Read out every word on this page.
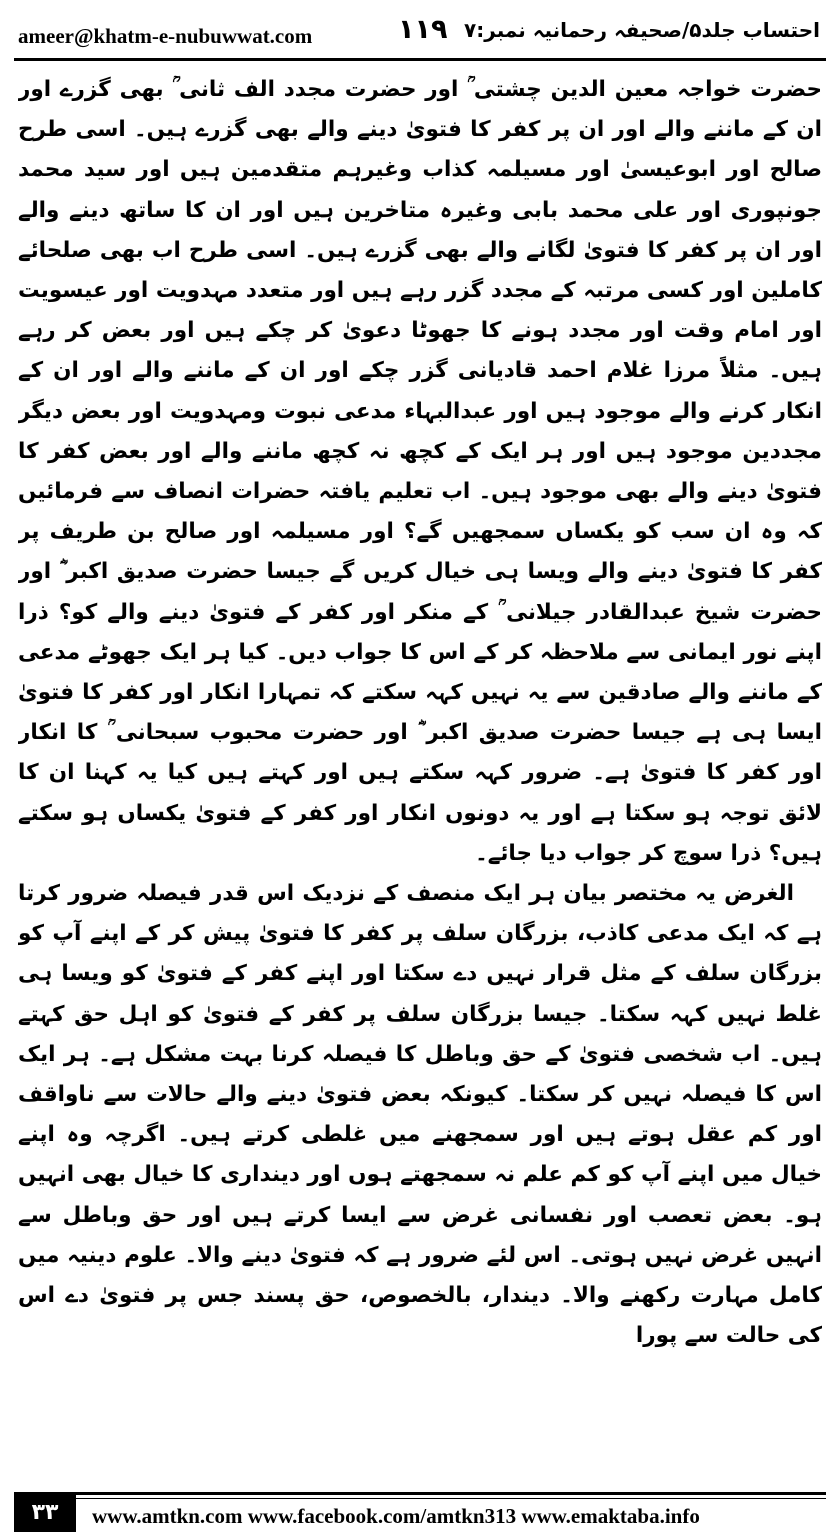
ameer@khatm-e-nubuwwat.com	۱۱۹ احتساب جلد۵/صحیفہ رحمانیہ نمبر:۷

حضرت خواجہ معین الدین چشتی ؒ اور حضرت مجدد الف ثانی ؒ بھی گزرے اور ان کے ماننے والے اور ان پر کفر کا فتویٰ دینے والے بھی گزرے ہیں۔ اسی طرح صالح اور ابوعیسیٰ اور مسیلمہ کذاب وغیرہم متقدمین ہیں اور سید محمد جونپوری اور علی محمد بابی وغیرہ متاخرین ہیں اور ان کا ساتھ دینے والے اور ان پر کفر کا فتویٰ لگانے والے بھی گزرے ہیں۔ اسی طرح اب بھی صلحائے کاملین اور کسی مرتبہ کے مجدد گزر رہے ہیں اور متعدد مہدویت اور عیسویت اور امام وقت اور مجدد ہونے کا جھوٹا دعویٰ کر چکے ہیں اور بعض کر رہے ہیں۔ مثلاً مرزا غلام احمد قادیانی گزر چکے اور ان کے ماننے والے اور ان کے انکار کرنے والے موجود ہیں اور عبدالبہاء مدعی نبوت ومہدویت اور بعض دیگر مجددین موجود ہیں اور ہر ایک کے کچھ نہ کچھ ماننے والے اور بعض کفر کا فتویٰ دینے والے بھی موجود ہیں۔ اب تعلیم یافتہ حضرات انصاف سے فرمائیں کہ وہ ان سب کو یکساں سمجھیں گے؟ اور مسیلمہ اور صالح بن طریف پر کفر کا فتویٰ دینے والے ویسا ہی خیال کریں گے جیسا حضرت صدیق اکبر ؓ اور حضرت شیخ عبدالقادر جیلانی ؒ کے منکر اور کفر کے فتویٰ دینے والے کو؟ ذرا اپنے نور ایمانی سے ملاحظہ کر کے اس کا جواب دیں۔ کیا ہر ایک جھوٹے مدعی کے ماننے والے صادقین سے یہ نہیں کہہ سکتے کہ تمہارا انکار اور کفر کا فتویٰ ایسا ہی ہے جیسا حضرت صدیق اکبر ؓ اور حضرت محبوب سبحانی ؒ کا انکار اور کفر کا فتویٰ ہے۔ ضرور کہہ سکتے ہیں اور کہتے ہیں کیا یہ کہنا ان کا لائق توجہ ہو سکتا ہے اور یہ دونوں انکار اور کفر کے فتویٰ یکساں ہو سکتے ہیں؟ ذرا سوچ کر جواب دیا جائے۔

الغرض یہ مختصر بیان ہر ایک منصف کے نزدیک اس قدر فیصلہ ضرور کرتا ہے کہ ایک مدعی کاذب، بزرگان سلف پر کفر کا فتویٰ پیش کر کے اپنے آپ کو بزرگان سلف کے مثل قرار نہیں دے سکتا اور اپنے کفر کے فتویٰ کو ویسا ہی غلط نہیں کہہ سکتا۔ جیسا بزرگان سلف پر کفر کے فتویٰ کو اہل حق کہتے ہیں۔ اب شخصی فتویٰ کے حق وباطل کا فیصلہ کرنا بہت مشکل ہے۔ ہر ایک اس کا فیصلہ نہیں کر سکتا۔ کیونکہ بعض فتویٰ دینے والے حالات سے ناواقف اور کم عقل ہوتے ہیں اور سمجھنے میں غلطی کرتے ہیں۔ اگرچہ وہ اپنے خیال میں اپنے آپ کو کم علم نہ سمجھتے ہوں اور دینداری کا خیال بھی انہیں ہو۔ بعض تعصب اور نفسانی غرض سے ایسا کرتے ہیں اور حق وباطل سے انہیں غرض نہیں ہوتی۔ اس لئے ضرور ہے کہ فتویٰ دینے والا۔ علوم دینیہ میں کامل مہارت رکھنے والا۔ دیندار، بالخصوص، حق پسند جس پر فتویٰ دے اس کی حالت سے پورا

۳۳	www.amtkn.com www.facebook.com/amtkn313 www.emaktaba.info
